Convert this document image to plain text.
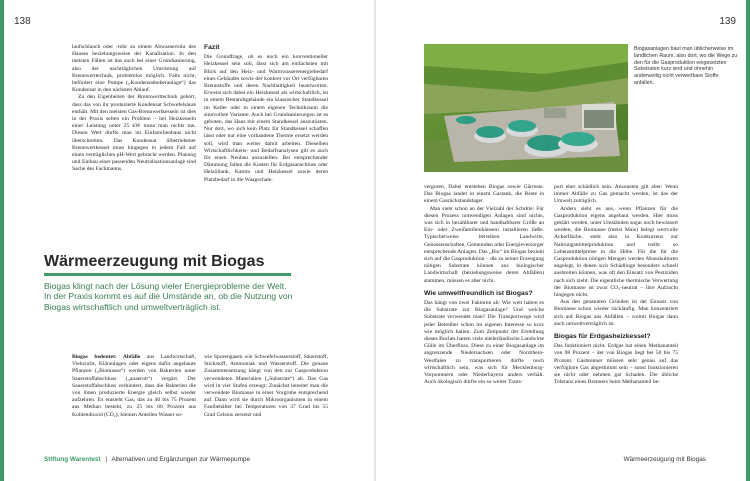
138	139

laufschlauch oder -rohr zu einem Abwasserrohr des Hauses beziehungsweise der Kanalisation. In den meisten Fällen ist das auch bei einer Grundsanierung, also der nachträglichen Umrüstung auf Brennwerttechnik, problemlos möglich. Falls nicht, befördert eine Pumpe („Kondensatheberanlage“) das Kondensat in den nächsten Ablauf.

Zu den Eigenheiten der Brennwerttechnik gehört, dass das von ihr produzierte Kondensat Schwefelsäure enthält. Mit den meisten Gas-Brennwertkesseln ist dies in der Praxis selten ein Problem – bei Heizkesseln einer Leistung unter 25 kW muss man nichts tun. Diesen Wert dürfte man im Einfamilienhaus nicht überschreiten. Das Kondensat ölbetriebener Brennwertkessel muss hingegen in jedem Fall auf einen verträglichen pH-Wert gebracht werden. Planung und Einbau einer passenden Neutralisationsanlage sind Sache des Fachmanns.

Fazit

Die Grundfrage, ob es noch ein konventioneller Heizkessel sein soll, lässt sich am einfachsten mit Blick auf den Heiz- und Warmwasserenergiebedarf eines Gebäudes sowie der konkret vor Ort verfügbaren Brennstoffe und deren Nachhaltigkeit beantworten. Erweist sich dabei ein Heizkessel als wirtschaftlich, ist in einem Bestandsgebäude ein klassischer Standkessel im Keller oder in einem eigenen Technikraum die sinnvollste Variante. Auch bei Grundsanierungen ist es geboten, das Haus mit einem Standkessel auszurüsten. Nur dort, wo sich kein Platz für Standkessel schaffen lässt oder nur eine vorhandene Therme ersetzt werden soll, wird man weiter damit arbeiten. Dieselben Wirtschaftlichkeits- und Bedarfsanalysen gilt es auch für einen Neubau anzustellen. Bei entsprechender Dämmung fallen die Kosten für Erdgasanschluss oder Heizöltank, Kamin und Heizkessel sowie deren Platzbedarf in die Waagschale.

Wärmeerzeugung mit Biogas
Biogas klingt nach der Lösung vieler Energieprobleme der Welt. In der Praxis kommt es auf die Umstände an, ob die Nutzung von Biogas wirtschaftlich und umweltverträglich ist.

Biogas bedeutet: Abfälle aus Landwirtschaft, Viehzucht, Kläranlagen oder eigens dafür angebaute Pflanzen („Biomasse“) werden von Bakterien unter Sauerstoffabschluss („anaerob“) vergärt. Der Sauerstoffabschluss verhindert, dass die Bakterien die von ihnen produzierte Energie gleich selbst wieder aufzehren. Es entsteht Gas, das zu 40 bis 75 Prozent aus Methan besteht, zu 25 bis 60 Prozent aus Kohlendioxid (CO₂), kleinen Anteilen Wasser so-

wie Spurengasen wie Schwefelwasserstoff, Sauerstoff, Stickstoff, Ammoniak und Wasserstoff. Die genaue Zusammensetzung hängt von den zur Gasproduktion verwendeten Materialien („Substrate“) ab. Das Gas wird in vier Stufen erzeugt: Zunächst bereitet man die verwendete Biomasse in einer Vorgrube entsprechend auf. Dann wird sie durch Mikroorganismen in einem Faulbehälter bei Temperaturen von 37 Grad bis 55 Grad Celsius zersetzt und

Biogasanlagen baut man üblicherweise im ländlichen Raum, also dort, wo die Wege zu den für die Gasproduktion eingesetzten Substraten kurz sind und ohnehin anderweitig nicht verwertbare Stoffe anfallen.

vergoren. Dabei entstehen Biogas sowie Gärreste. Das Biogas landet in einem Gastank, die Reste in einem Gasrückstandslager.

Man sieht schon an der Vielzahl der Schritte: Für diesen Prozess notwendigen Anlagen sind nichts, was sich in bezahlbarer und handhabbarer Größe an Ein- oder Zweifamilienhäusern installieren ließe. Typischerweise betreiben Landwirte, Genossenschaften, Gemeinden oder Energieversorger entsprechende Anlagen. Das „Bio“ im Biogas bezieht sich auf die Gasproduktion – die zu seiner Erzeugung nötigen Substrate können aus biologischer Landwirtschaft (beziehungsweise deren Abfällen) stammen, müssen es aber nicht.

Wie umweltfreundlich ist Biogas?

Das hängt von zwei Faktoren ab: Wie weit haben es die Substrate zur Biogasanlage? Und welche Substrate verwendet man? Die Transportwege wird jeder Betreiber schon im eigenen Interesse so kurz wie möglich halten. Zum Zeitpunkt der Erstellung dieses Buches hatten viele niederländische Landwirte Gülle im Überfluss. Diese zu einer Biogasanlage im angrenzende Niedersachsen oder Nordrhein-Westfalen zu transportieren dürfte noch wirtschaftlich sein, was sich für Mecklenburg-Vorpommern oder Niederbayern anders verhält. Auch ökologisch dürfte ein so weiter Trans-

port eher schädlich sein. Ansonsten gilt aber: Wenn immer Abfälle zu Gas gemacht werden, ist das der Umwelt zuträglich.

Anders sieht es aus, wenn Pflanzen für die Gasproduktion eigens angebaut werden. Hier muss geklärt werden, unter Umständen sogar noch bewässert werden, die Biomasse (meist Mais) belegt wertvolle Ackerfläche, steht also in Konkurrenz zur Nahrungsmittelproduktion und treibt so Lebensmittelpreise in die Höhe. Für die für die Gasproduktion nötigen Mengen werden Monokulturen angelegt, in denen sich Schädlinge besonders schnell ausbreiten können, was oft den Einsatz von Pestiziden nach sich zieht. Die eigentliche thermische Verwertung der Biomasse ist zwar CO₂-neutral – ihre Aufzucht hingegen nicht.

Aus den genannten Gründen ist der Einsatz von Biomasse schon wieder rückläufig. Man konzentriert sich auf Biogas aus Abfällen – womit Biogas dann auch umweltverträglich ist.

Biogas für Erdgasheizkessel?

Das funktioniert nicht. Erdgas hat einen Methananteil von 98 Prozent – der von Biogas liegt bei 50 bis 75 Prozent. Gasbrenner müssen sehr genau auf das verfügbare Gas abgestimmt sein – sonst funktionieren sie nicht oder nehmen gar Schaden. Die übliche Toleranz eines Brenners beim Methananteil be-

Stiftung Warentest | Alternativen und Ergänzungen zur Wärmepumpe	Wärmeerzeugung mit Biogas
